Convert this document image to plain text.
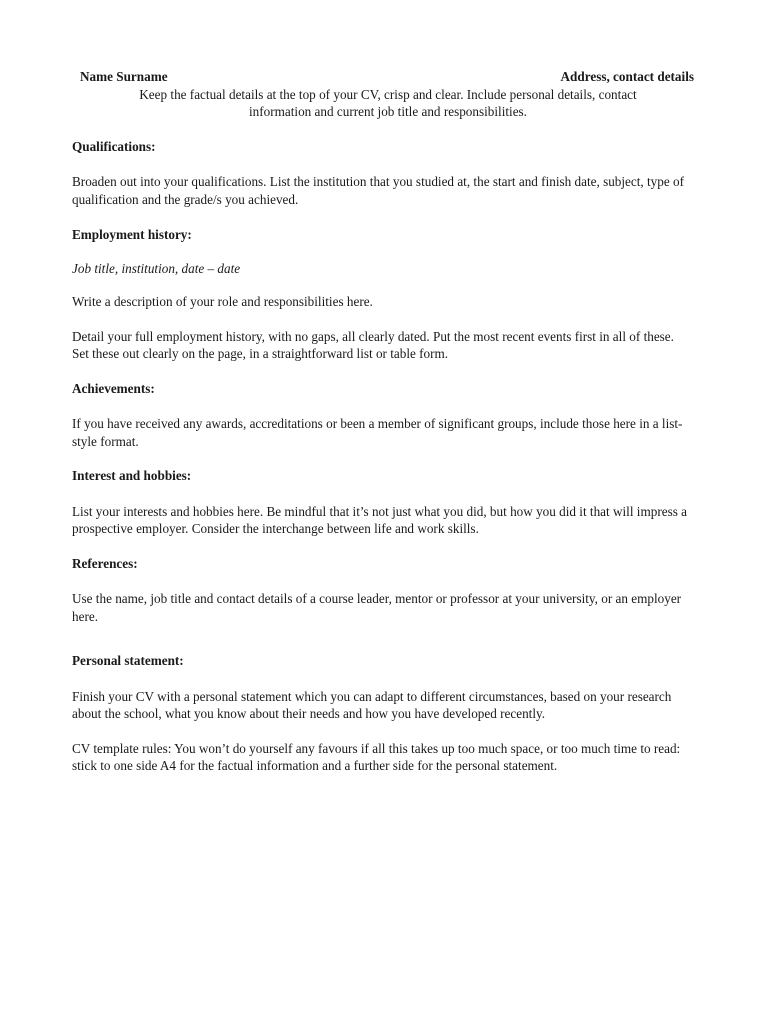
Name Surname	Address, contact details

Keep the factual details at the top of your CV, crisp and clear. Include personal details, contact information and current job title and responsibilities.

Qualifications:

Broaden out into your qualifications. List the institution that you studied at, the start and finish date, subject, type of qualification and the grade/s you achieved.

Employment history:

Job title, institution, date – date

Write a description of your role and responsibilities here.

Detail your full employment history, with no gaps, all clearly dated. Put the most recent events first in all of these. Set these out clearly on the page, in a straightforward list or table form.

Achievements:

If you have received any awards, accreditations or been a member of significant groups, include those here in a list-style format.

Interest and hobbies:

List your interests and hobbies here. Be mindful that it’s not just what you did, but how you did it that will impress a prospective employer. Consider the interchange between life and work skills.

References:

Use the name, job title and contact details of a course leader, mentor or professor at your university, or an employer here.

Personal statement:

Finish your CV with a personal statement which you can adapt to different circumstances, based on your research about the school, what you know about their needs and how you have developed recently.

CV template rules: You won’t do yourself any favours if all this takes up too much space, or too much time to read: stick to one side A4 for the factual information and a further side for the personal statement.
